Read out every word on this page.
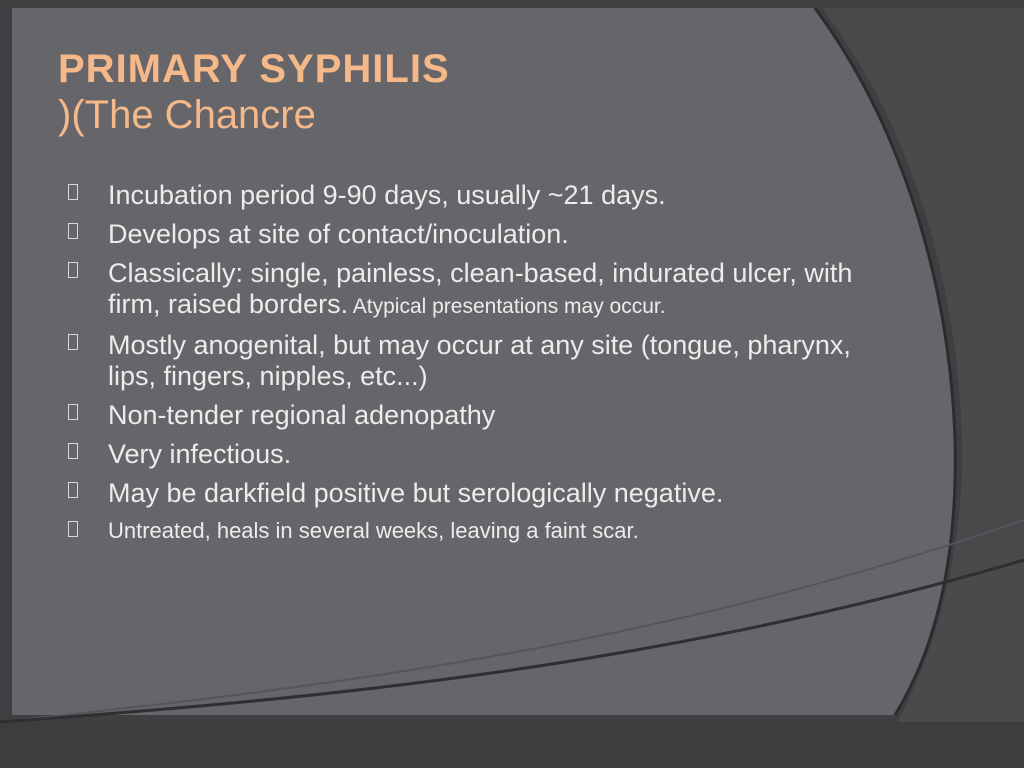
PRIMARY SYPHILIS
)(The Chancre
Incubation period 9-90 days, usually ~21 days.
Develops at site of contact/inoculation.
Classically: single, painless, clean-based, indurated ulcer, with firm, raised borders. Atypical presentations may occur.
Mostly anogenital, but may occur at any site (tongue, pharynx, lips, fingers, nipples, etc...)
Non-tender regional adenopathy
Very infectious.
May be darkfield positive but serologically negative.
Untreated, heals in several weeks, leaving a faint scar.
